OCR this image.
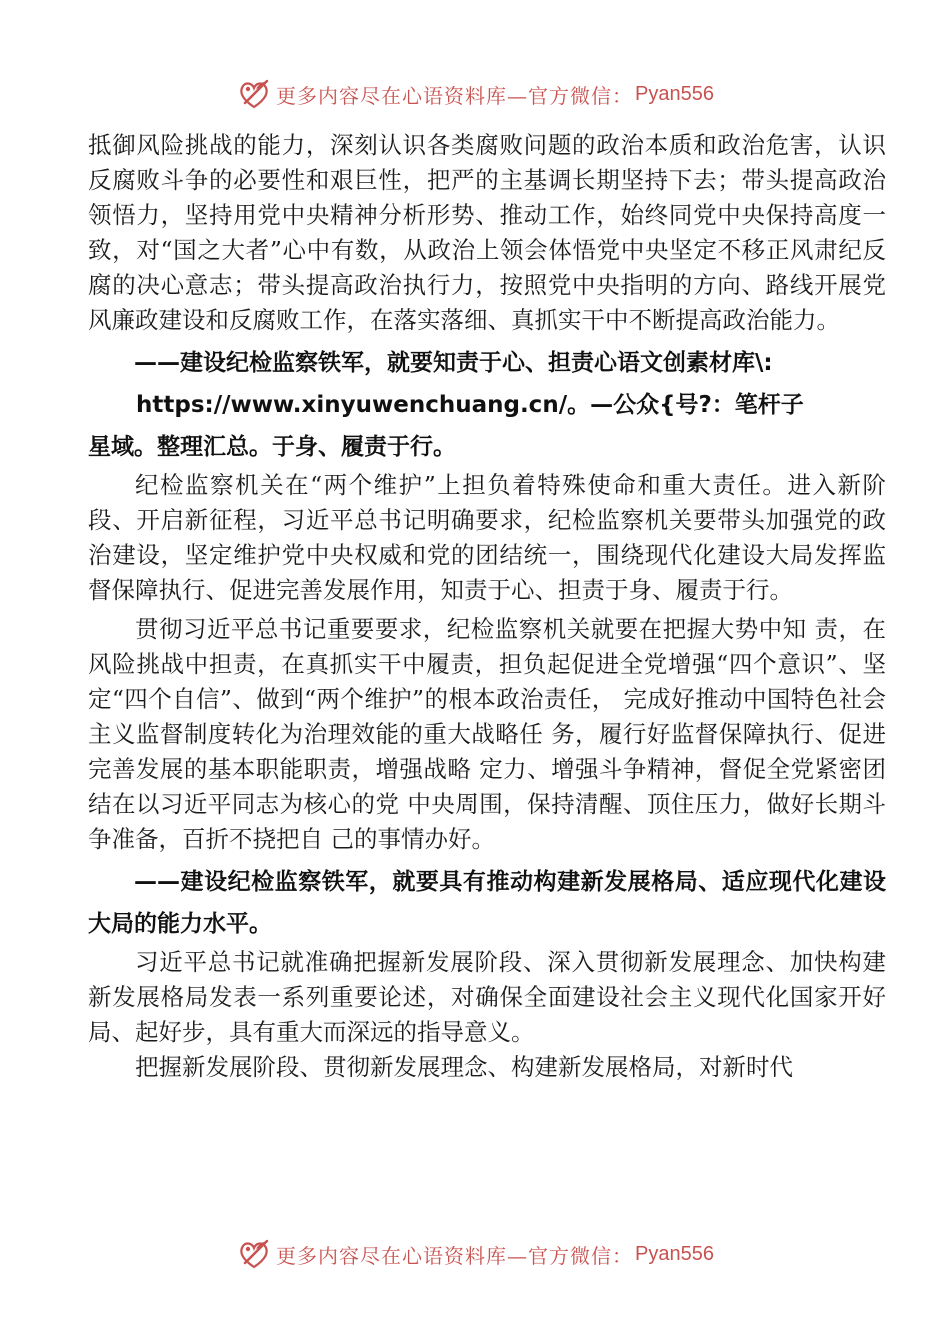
更多内容尽在心语资料库—官方微信： Pyan556

抵御风险挑战的能力，深刻认识各类腐败问题的政治本质和政治危害，认识反腐败斗争的必要性和艰巨性，把严的主基调长期坚持下去；带头提高政治领悟力，坚持用党中央精神分析形势、推动工作，始终同党中央保持高度一致，对“国之大者”心中有数，从政治上领会体悟党中央坚定不移正风肃纪反腐的决心意志；带头提高政治执行力，按照党中央指明的方向、路线开展党风廉政建设和反腐败工作，在落实落细、真抓实干中不断提高政治能力。

——建设纪检监察铁军，就要知责于心、担责心语文创素材库\:

https://www.xinyuwenchuang.cn/。—公众{号?：笔杆子

星域。整理汇总。于身、履责于行。

纪检监察机关在“两个维护”上担负着特殊使命和重大责任。进入新阶段、开启新征程，习近平总书记明确要求，纪检监察机关要带头加强党的政治建设，坚定维护党中央权威和党的团结统一，围绕现代化建设大局发挥监督保障执行、促进完善发展作用，知责于心、担责于身、履责于行。

贯彻习近平总书记重要要求，纪检监察机关就要在把握大势中知 责，在风险挑战中担责，在真抓实干中履责，担负起促进全党增强“四个意识”、坚定“四个自信”、做到“两个维护”的根本政治责任， 完成好推动中国特色社会主义监督制度转化为治理效能的重大战略任 务，履行好监督保障执行、促进完善发展的基本职能职责，增强战略 定力、增强斗争精神，督促全党紧密团结在以习近平同志为核心的党 中央周围，保持清醒、顶住压力，做好长期斗争准备，百折不挠把自 己的事情办好。

——建设纪检监察铁军，就要具有推动构建新发展格局、适应现代化建设大局的能力水平。

习近平总书记就准确把握新发展阶段、深入贯彻新发展理念、加快构建新发展格局发表一系列重要论述，对确保全面建设社会主义现代化国家开好局、起好步，具有重大而深远的指导意义。

把握新发展阶段、贯彻新发展理念、构建新发展格局，对新时代

更多内容尽在心语资料库—官方微信： Pyan556
